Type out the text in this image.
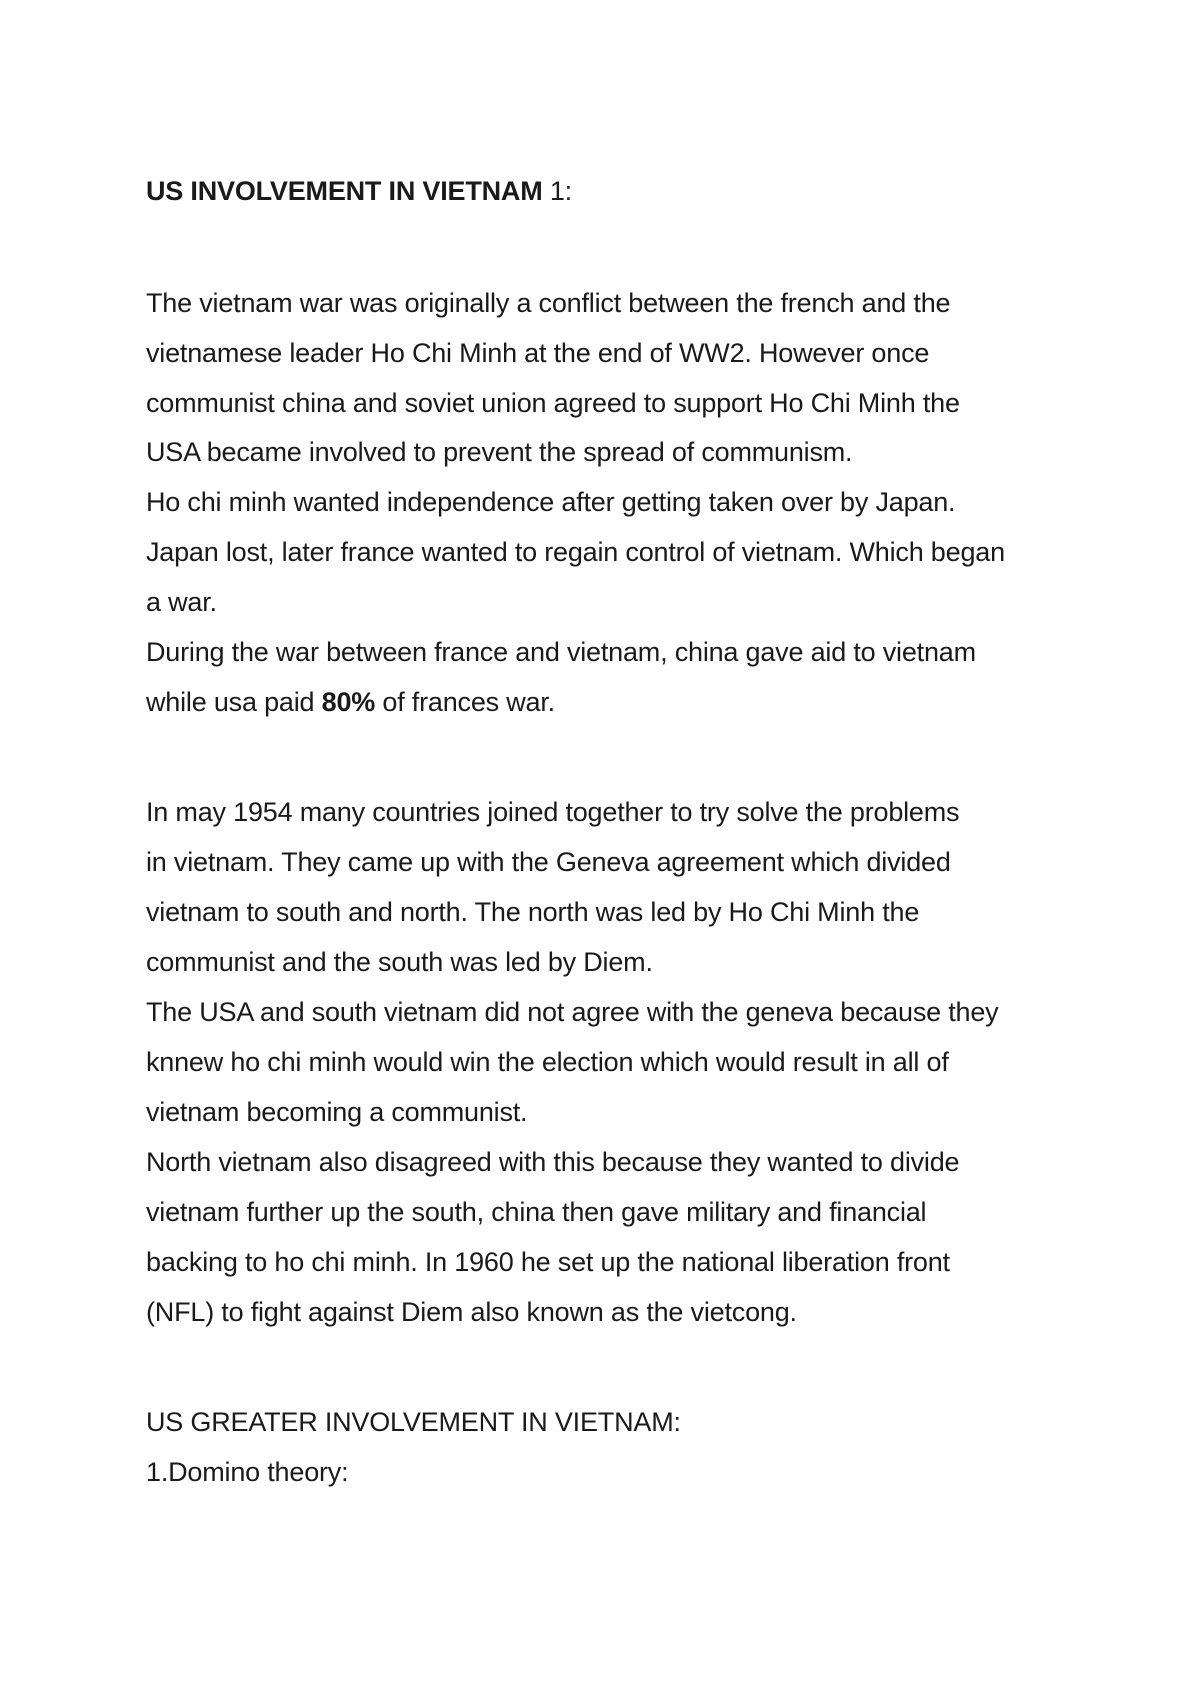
US INVOLVEMENT IN VIETNAM 1:
The vietnam war was originally a conflict between the french and the
vietnamese leader Ho Chi Minh at the end of WW2. However once
communist china and soviet union agreed to support Ho Chi Minh the
USA became involved to prevent the spread of communism.
Ho chi minh wanted independence after getting taken over by Japan.
Japan lost, later france wanted to regain control of vietnam. Which began
a war.
During the war between france and vietnam, china gave aid to vietnam
while usa paid 80% of frances war.
In may 1954 many countries joined together to try solve the problems
in vietnam. They came up with the Geneva agreement which divided
vietnam to south and north. The north was led by Ho Chi Minh the
communist and the south was led by Diem.
The USA and south vietnam did not agree with the geneva because they
knnew ho chi minh would win the election which would result in all of
vietnam becoming a communist.
North vietnam also disagreed with this because they wanted to divide
vietnam further up the south, china then gave military and financial
backing to ho chi minh. In 1960 he set up the national liberation front
(NFL) to fight against Diem also known as the vietcong.
US GREATER INVOLVEMENT IN VIETNAM:
1.Domino theory:
